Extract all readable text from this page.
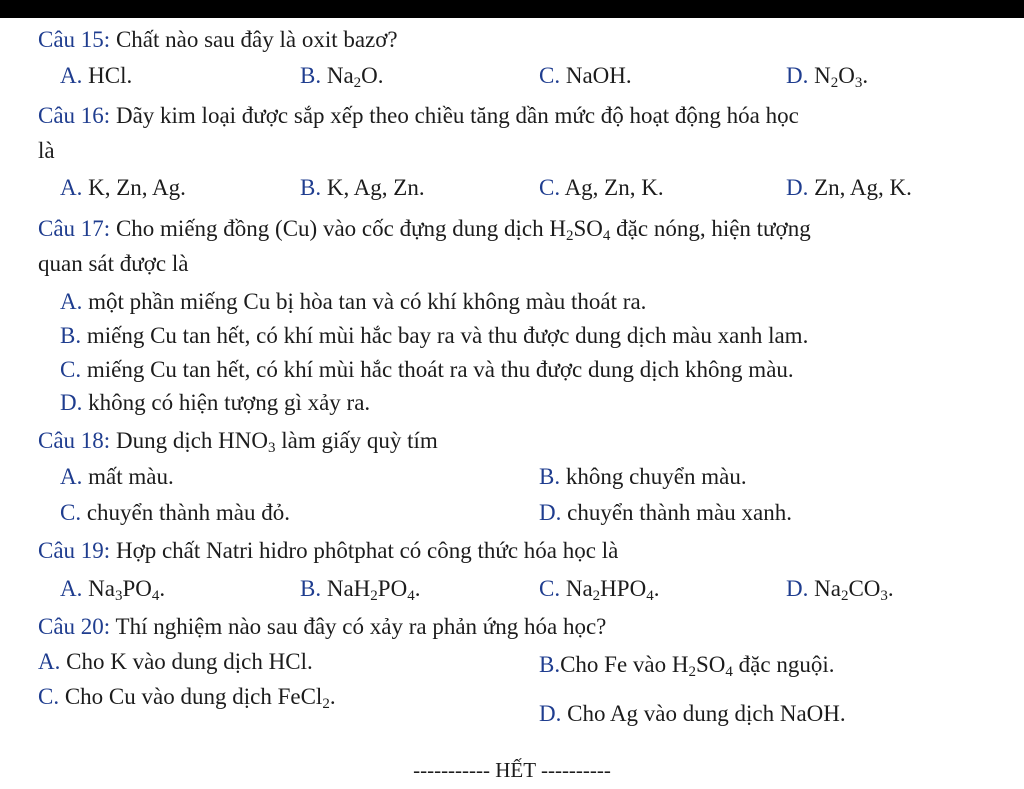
Câu 15: Chất nào sau đây là oxit bazơ?
A. HCl.	B. $Na_2O$.	C. NaOH.	D. $N_2O_3$.
Câu 16: Dãy kim loại được sắp xếp theo chiều tăng dần mức độ hoạt động hóa học
là
A. K, Zn, Ag.	B. K, Ag, Zn.	C. Ag, Zn, K.	D. Zn, Ag, K.
Câu 17: Cho miếng đồng (Cu) vào cốc đựng dung dịch $H_2SO_4$ đặc nóng, hiện tượng
quan sát được là
A. một phần miếng Cu bị hòa tan và có khí không màu thoát ra.
B. miếng Cu tan hết, có khí mùi hắc bay ra và thu được dung dịch màu xanh lam.
C. miếng Cu tan hết, có khí mùi hắc thoát ra và thu được dung dịch không màu.
D. không có hiện tượng gì xảy ra.
Câu 18: Dung dịch $HNO_3$ làm giấy quỳ tím
A. mất màu.	B. không chuyển màu.
C. chuyển thành màu đỏ.	D. chuyển thành màu xanh.
Câu 19: Hợp chất Natri hidro phôtphat có công thức hóa học là
A. $Na_3PO_4$.	B. $NaH_2PO_4$.	C. $Na_2HPO_4$.	D. $Na_2CO_3$.
Câu 20: Thí nghiệm nào sau đây có xảy ra phản ứng hóa học?
A. Cho K vào dung dịch HCl.	B.Cho Fe vào $H_2SO_4$ đặc nguội.
C. Cho Cu vào dung dịch FeCl$_2$.
D. Cho Ag vào dung dịch NaOH.
----------- HẾT ----------
